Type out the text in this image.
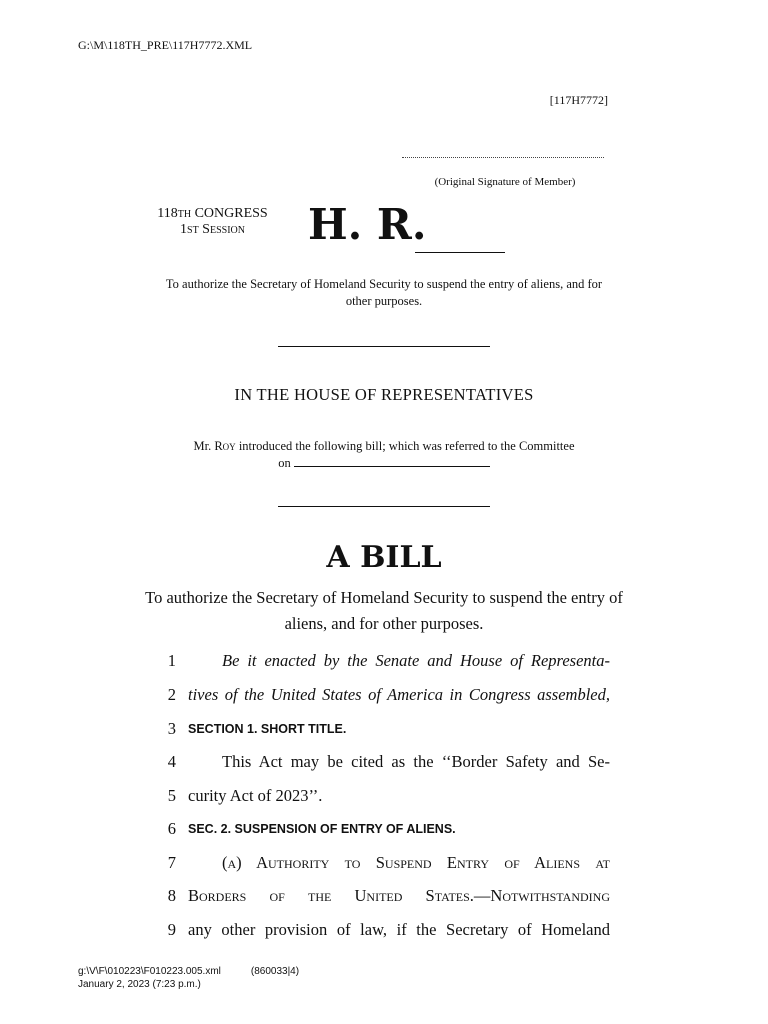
G:\M\118TH_PRE\117H7772.XML
[117H7772]
(Original Signature of Member)
118th CONGRESS
1st Session	H. R.
To authorize the Secretary of Homeland Security to suspend the entry of aliens, and for other purposes.
IN THE HOUSE OF REPRESENTATIVES
Mr. Roy introduced the following bill; which was referred to the Committee
on
A BILL
To authorize the Secretary of Homeland Security to suspend the entry of aliens, and for other purposes.
1	Be it enacted by the Senate and House of Representa-
2 tives of the United States of America in Congress assembled,
3 SECTION 1. SHORT TITLE.
4	This Act may be cited as the ‘‘Border Safety and Se-
5 curity Act of 2023’’.
6 SEC. 2. SUSPENSION OF ENTRY OF ALIENS.
7	(a) Authority to Suspend Entry of Aliens at
8 Borders of the United States.—Notwithstanding
9 any other provision of law, if the Secretary of Homeland
g:\V\F\010223\F010223.005.xml	(860033|4)
January 2, 2023 (7:23 p.m.)
